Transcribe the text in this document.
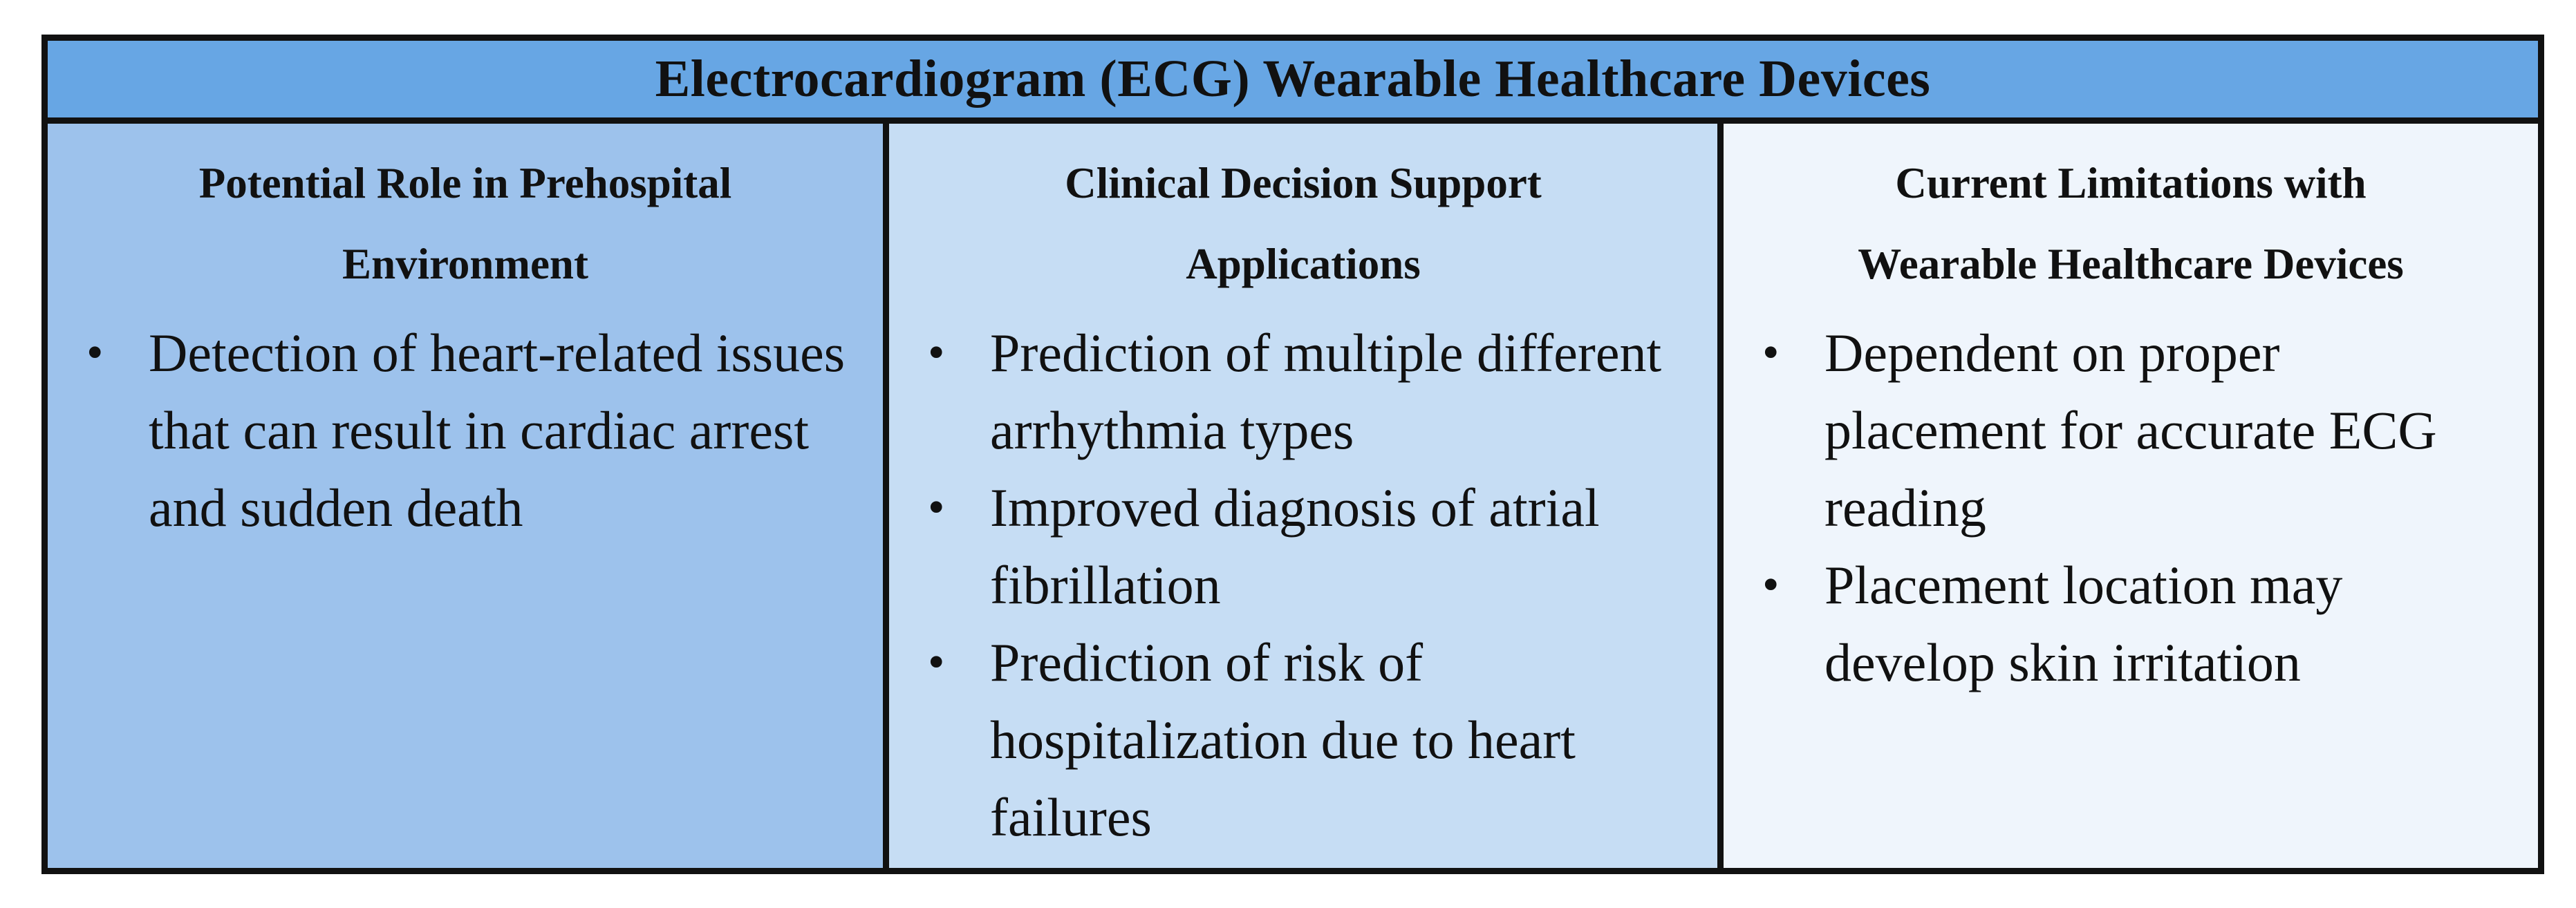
Electrocardiogram (ECG) Wearable Healthcare Devices
Potential Role in Prehospital
Environment
• Detection of heart-related issues that can result in cardiac arrest and sudden death
Clinical Decision Support
Applications
• Prediction of multiple different arrhythmia types
• Improved diagnosis of atrial fibrillation
• Prediction of risk of hospitalization due to heart failures
Current Limitations with
Wearable Healthcare Devices
• Dependent on proper placement for accurate ECG reading
• Placement location may develop skin irritation
